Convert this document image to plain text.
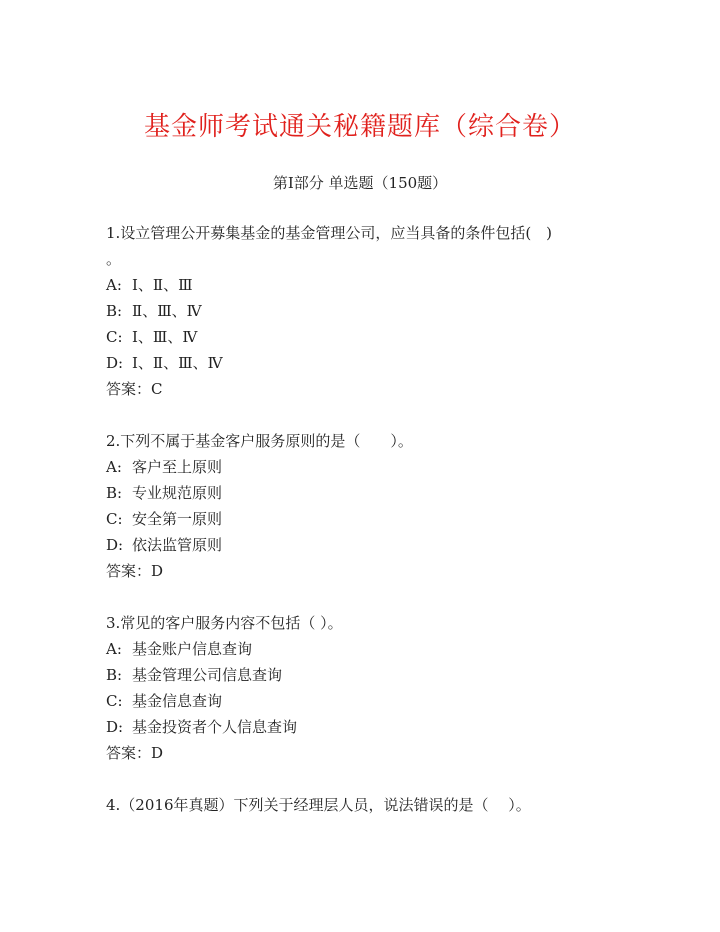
基金师考试通关秘籍题库（综合卷）
第I部分 单选题（150题）
1.设立管理公开募集基金的基金管理公司，应当具备的条件包括(　)
。
A: Ⅰ、Ⅱ、Ⅲ
B: Ⅱ、Ⅲ、Ⅳ
C: Ⅰ、Ⅲ、Ⅳ
D: Ⅰ、Ⅱ、Ⅲ、Ⅳ
答案：C
2.下列不属于基金客户服务原则的是（　　）。
A: 客户至上原则
B: 专业规范原则
C: 安全第一原则
D: 依法监管原则
答案：D
3.常见的客户服务内容不包括（ ）。
A: 基金账户信息查询
B: 基金管理公司信息查询
C: 基金信息查询
D: 基金投资者个人信息查询
答案：D
4.（2016年真题）下列关于经理层人员，说法错误的是（　 ）。
